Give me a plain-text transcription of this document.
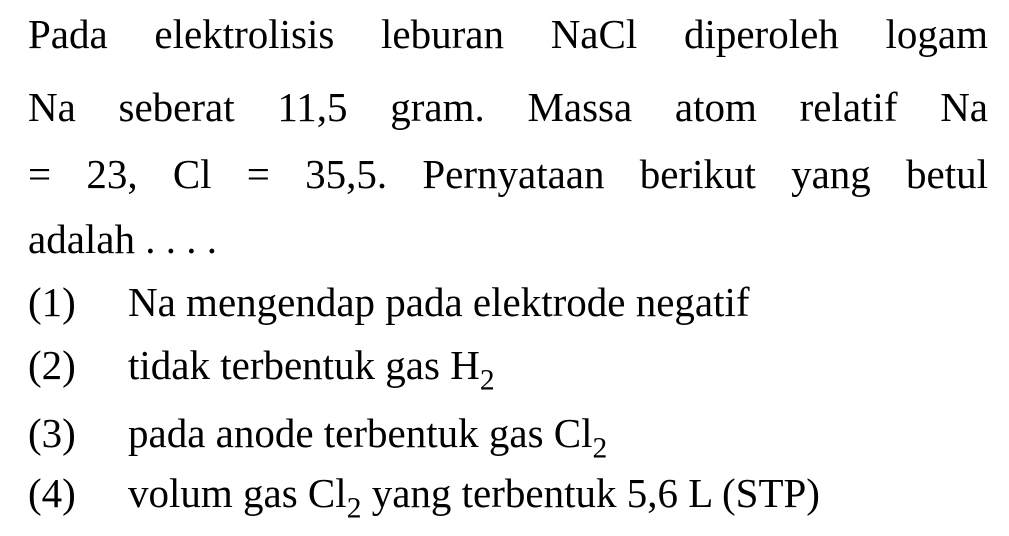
Pada elektrolisis leburan NaCl diperoleh logam
Na seberat 11,5 gram. Massa atom relatif Na
= 23, Cl = 35,5. Pernyataan berikut yang betul
adalah . . . .
(1) Na mengendap pada elektrode negatif
(2) tidak terbentuk gas $H_2$
(3) pada anode terbentuk gas $Cl_2$
(4) volum gas $Cl_2$ yang terbentuk 5,6 L (STP)
